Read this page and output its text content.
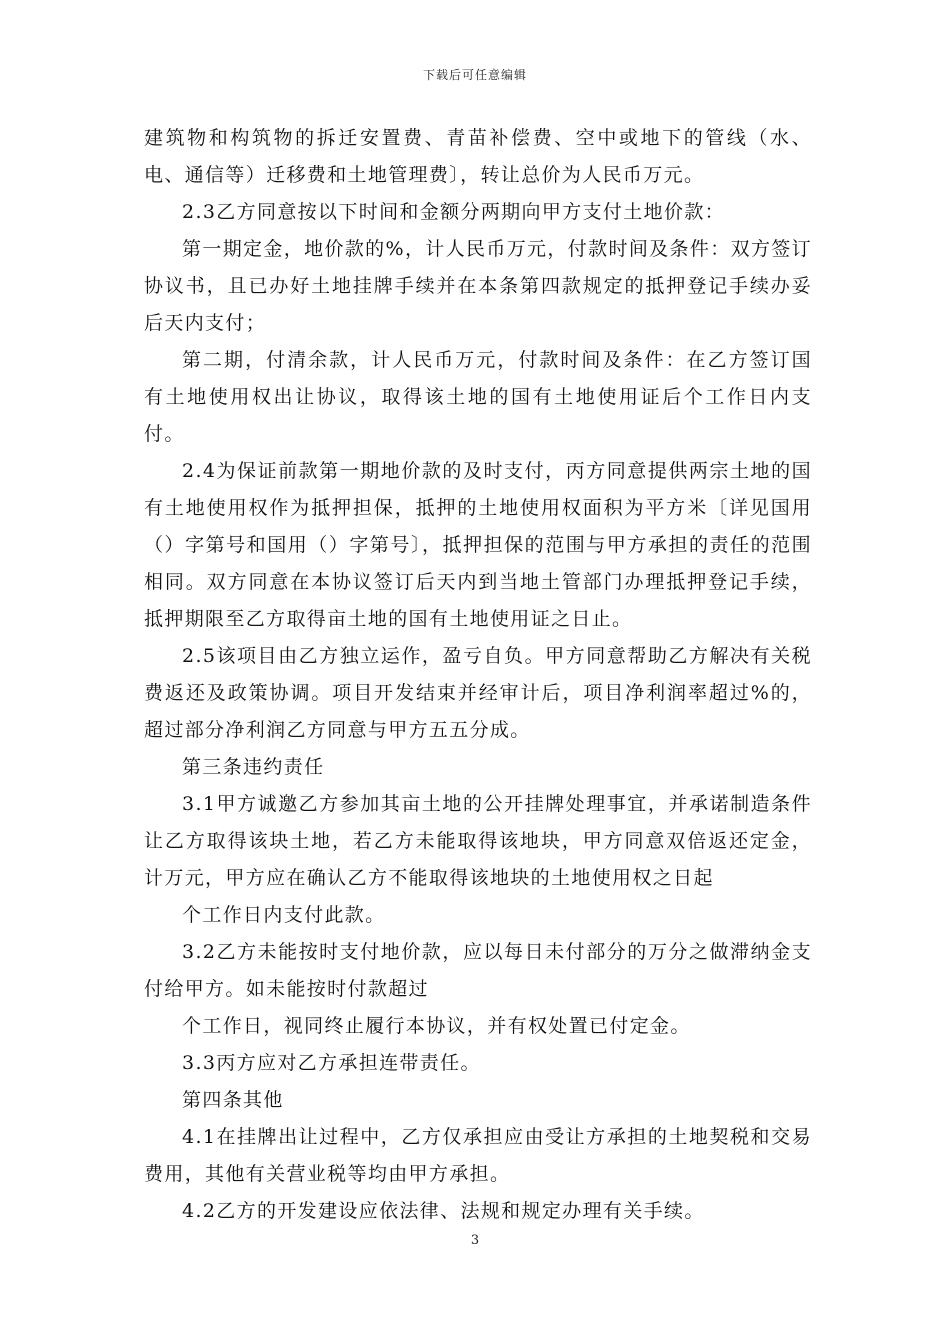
下载后可任意编辑

建筑物和构筑物的拆迁安置费、青苗补偿费、空中或地下的管线（水、电、通信等）迁移费和土地管理费〕，转让总价为人民币万元。

2.3乙方同意按以下时间和金额分两期向甲方支付土地价款：

第一期定金，地价款的%，计人民币万元，付款时间及条件：双方签订协议书，且已办好土地挂牌手续并在本条第四款规定的抵押登记手续办妥后天内支付；

第二期，付清余款，计人民币万元，付款时间及条件：在乙方签订国有土地使用权出让协议，取得该土地的国有土地使用证后个工作日内支付。

2.4为保证前款第一期地价款的及时支付，丙方同意提供两宗土地的国有土地使用权作为抵押担保，抵押的土地使用权面积为平方米〔详见国用（）字第号和国用（）字第号〕，抵押担保的范围与甲方承担的责任的范围相同。双方同意在本协议签订后天内到当地土管部门办理抵押登记手续，抵押期限至乙方取得亩土地的国有土地使用证之日止。

2.5该项目由乙方独立运作，盈亏自负。甲方同意帮助乙方解决有关税费返还及政策协调。项目开发结束并经审计后，项目净利润率超过%的，超过部分净利润乙方同意与甲方五五分成。

第三条违约责任

3.1甲方诚邀乙方参加其亩土地的公开挂牌处理事宜，并承诺制造条件让乙方取得该块土地，若乙方未能取得该地块，甲方同意双倍返还定金，计万元，甲方应在确认乙方不能取得该地块的土地使用权之日起

个工作日内支付此款。

3.2乙方未能按时支付地价款，应以每日未付部分的万分之做滞纳金支付给甲方。如未能按时付款超过

个工作日，视同终止履行本协议，并有权处置已付定金。

3.3丙方应对乙方承担连带责任。

第四条其他

4.1在挂牌出让过程中，乙方仅承担应由受让方承担的土地契税和交易费用，其他有关营业税等均由甲方承担。

4.2乙方的开发建设应依法律、法规和规定办理有关手续。

3
